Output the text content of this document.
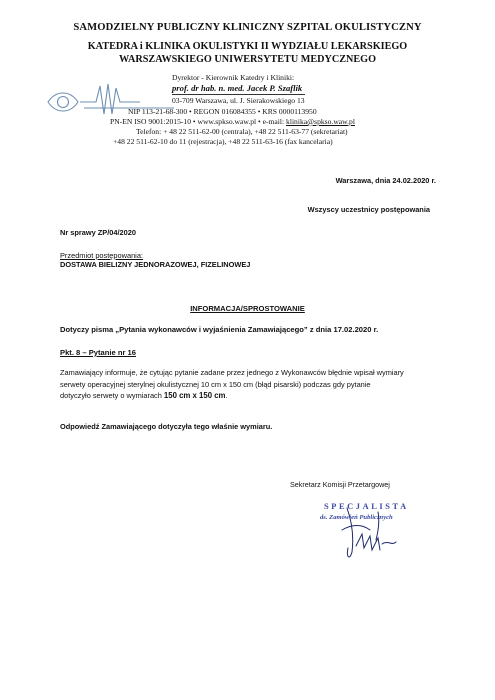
SAMODZIELNY PUBLICZNY KLINICZNY SZPITAL OKULISTYCZNY
KATEDRA i KLINIKA OKULISTYKI II WYDZIAŁU LEKARSKIEGO
WARSZAWSKIEGO UNIWERSYTETU MEDYCZNEGO
Dyrektor - Kierownik Katedry i Kliniki:
prof. dr hab. n. med. Jacek P. Szaflik
03-709 Warszawa, ul. J. Sierakowskiego 13
NIP 113-21-68-300 • REGON 016084355 • KRS 0000113950
PN-EN ISO 9001:2015-10 • www.spkso.waw.pl • e-mail: klinika@spkso.waw.pl
Telefon: + 48 22 511-62-00 (centrala), +48 22 511-63-77 (sekretariat)
+48 22 511-62-10 do 11 (rejestracja), +48 22 511-63-16 (fax kancelaria)
Warszawa, dnia 24.02.2020 r.
Wszyscy uczestnicy postępowania
Nr sprawy ZP/04/2020
Przedmiot postępowania:
DOSTAWA BIELIZNY JEDNORAZOWEJ, FIZELINOWEJ
INFORMACJA/SPROSTOWANIE
Dotyczy pisma „Pytania wykonawców i wyjaśnienia Zamawiającego” z dnia 17.02.2020 r.
Pkt. 8 – Pytanie nr 16
Zamawiający informuje, że cytując pytanie zadane przez jednego z Wykonawców błędnie wpisał wymiary
serwety operacyjnej sterylnej okulistycznej 10 cm x 150 cm (błąd pisarski) podczas gdy pytanie
dotyczyło serwety o wymiarach 150 cm x 150 cm.
Odpowiedź Zamawiającego dotyczyła tego właśnie wymiaru.
Sekretarz Komisji Przetargowej
SPECJALISTA
ds. Zamówień Publicznych
